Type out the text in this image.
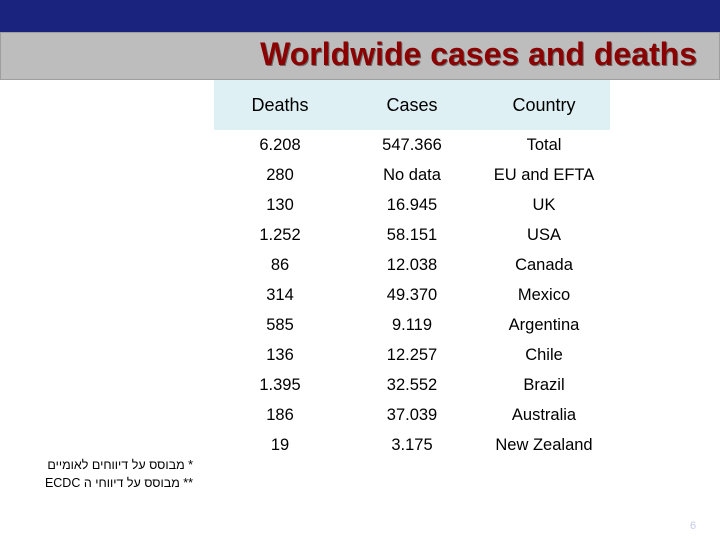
Worldwide cases and deaths
Deaths	Cases	Country
6.208	547.366	Total
280	No data	EU and EFTA
130	16.945	UK
1.252	58.151	USA
86	12.038	Canada
314	49.370	Mexico
585	9.119	Argentina
136	12.257	Chile
1.395	32.552	Brazil
186	37.039	Australia
19	3.175	New Zealand
* מבוסס על דיווחים לאומיים
** מבוסס על דיווחי ה ECDC
6
